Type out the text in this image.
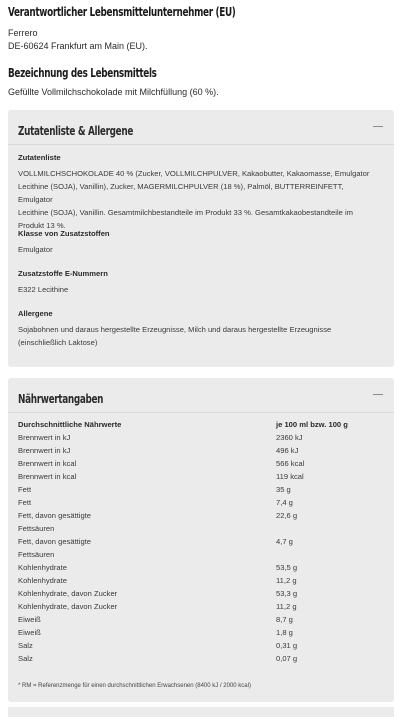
Verantwortlicher Lebensmittelunternehmer (EU)
Ferrero
DE-60624 Frankfurt am Main (EU).
Bezeichnung des Lebensmittels
Gefüllte Vollmilchschokolade mit Milchfüllung (60 %).
Zutatenliste & Allergene
Zutatenliste
VOLLMILCHSCHOKOLADE 40 % (Zucker, VOLLMILCHPULVER, Kakaobutter, Kakaomasse, Emulgator
Lecithine (SOJA), Vanillin), Zucker, MAGERMILCHPULVER (18 %), Palmöl, BUTTERREINFETT, Emulgator
Lecithine (SOJA), Vanillin. Gesamtmilchbestandteile im Produkt 33 %. Gesamtkakaobestandteile im
Produkt 13 %.
Klasse von Zusatzstoffen
Emulgator
Zusatzstoffe E-Nummern
E322 Lecithine
Allergene
Sojabohnen und daraus hergestellte Erzeugnisse, Milch und daraus hergestellte Erzeugnisse
(einschließlich Laktose)
Nährwertangaben
Durchschnittliche Nährwerte	je 100 ml bzw. 100 g
Brennwert in kJ	2360 kJ
Brennwert in kJ	496 kJ
Brennwert in kcal	566 kcal
Brennwert in kcal	119 kcal
Fett	35 g
Fett	7,4 g
Fett, davon gesättigte	22,6 g
Fettsäuren	
Fett, davon gesättigte	4,7 g
Fettsäuren	
Kohlenhydrate	53,5 g
Kohlenhydrate	11,2 g
Kohlenhydrate, davon Zucker	53,3 g
Kohlenhydrate, davon Zucker	11,2 g
Eiweiß	8,7 g
Eiweiß	1,8 g
Salz	0,31 g
Salz	0,07 g
* RM = Referenzmenge für einen durchschnittlichen Erwachsenen (8400 kJ / 2000 kcal)
